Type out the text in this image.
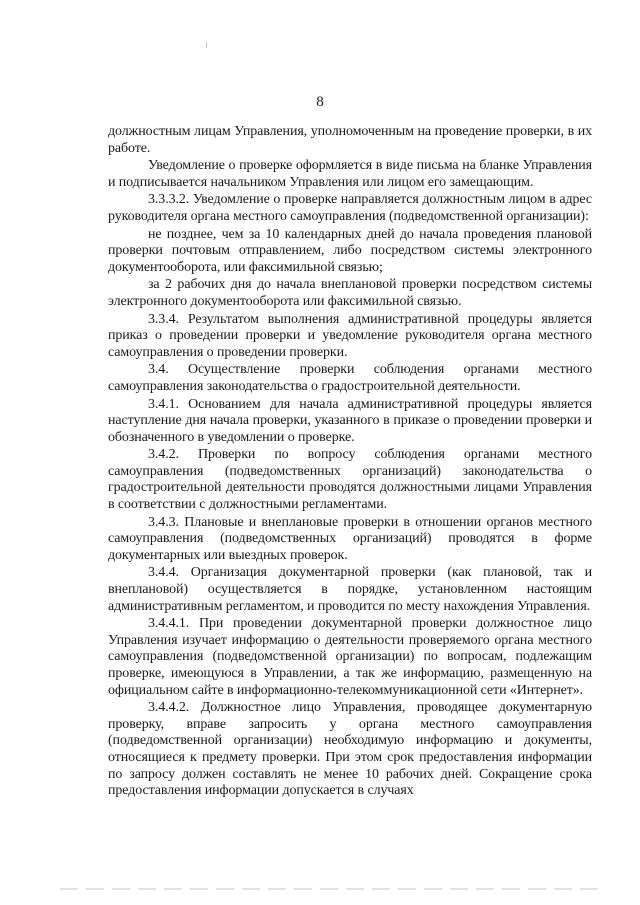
8

должностным лицам Управления, уполномоченным на проведение проверки, в их работе.

Уведомление о проверке оформляется в виде письма на бланке Управления и подписывается начальником Управления или лицом его замещающим.

3.3.3.2. Уведомление о проверке направляется должностным лицом в адрес руководителя органа местного самоуправления (подведомственной организации):

не позднее, чем за 10 календарных дней до начала проведения плановой проверки почтовым отправлением, либо посредством системы электронного документооборота, или факсимильной связью;

за 2 рабочих дня до начала внеплановой проверки посредством системы электронного документооборота или факсимильной связью.

3.3.4. Результатом выполнения административной процедуры является приказ о проведении проверки и уведомление руководителя органа местного самоуправления о проведении проверки.

3.4. Осуществление проверки соблюдения органами местного самоуправления законодательства о градостроительной деятельности.

3.4.1. Основанием для начала административной процедуры является наступление дня начала проверки, указанного в приказе о проведении проверки и обозначенного в уведомлении о проверке.

3.4.2. Проверки по вопросу соблюдения органами местного самоуправления (подведомственных организаций) законодательства о градостроительной деятельности проводятся должностными лицами Управления в соответствии с должностными регламентами.

3.4.3. Плановые и внеплановые проверки в отношении органов местного самоуправления (подведомственных организаций) проводятся в форме документарных или выездных проверок.

3.4.4. Организация документарной проверки (как плановой, так и внеплановой) осуществляется в порядке, установленном настоящим административным регламентом, и проводится по месту нахождения Управления.

3.4.4.1. При проведении документарной проверки должностное лицо Управления изучает информацию о деятельности проверяемого органа местного самоуправления (подведомственной организации) по вопросам, подлежащим проверке, имеющуюся в Управлении, а так же информацию, размещенную на официальном сайте в информационно-телекоммуникационной сети «Интернет».

3.4.4.2. Должностное лицо Управления, проводящее документарную проверку, вправе запросить у органа местного самоуправления (подведомственной организации) необходимую информацию и документы, относящиеся к предмету проверки. При этом срок предоставления информации по запросу должен составлять не менее 10 рабочих дней. Сокращение срока предоставления информации допускается в случаях
